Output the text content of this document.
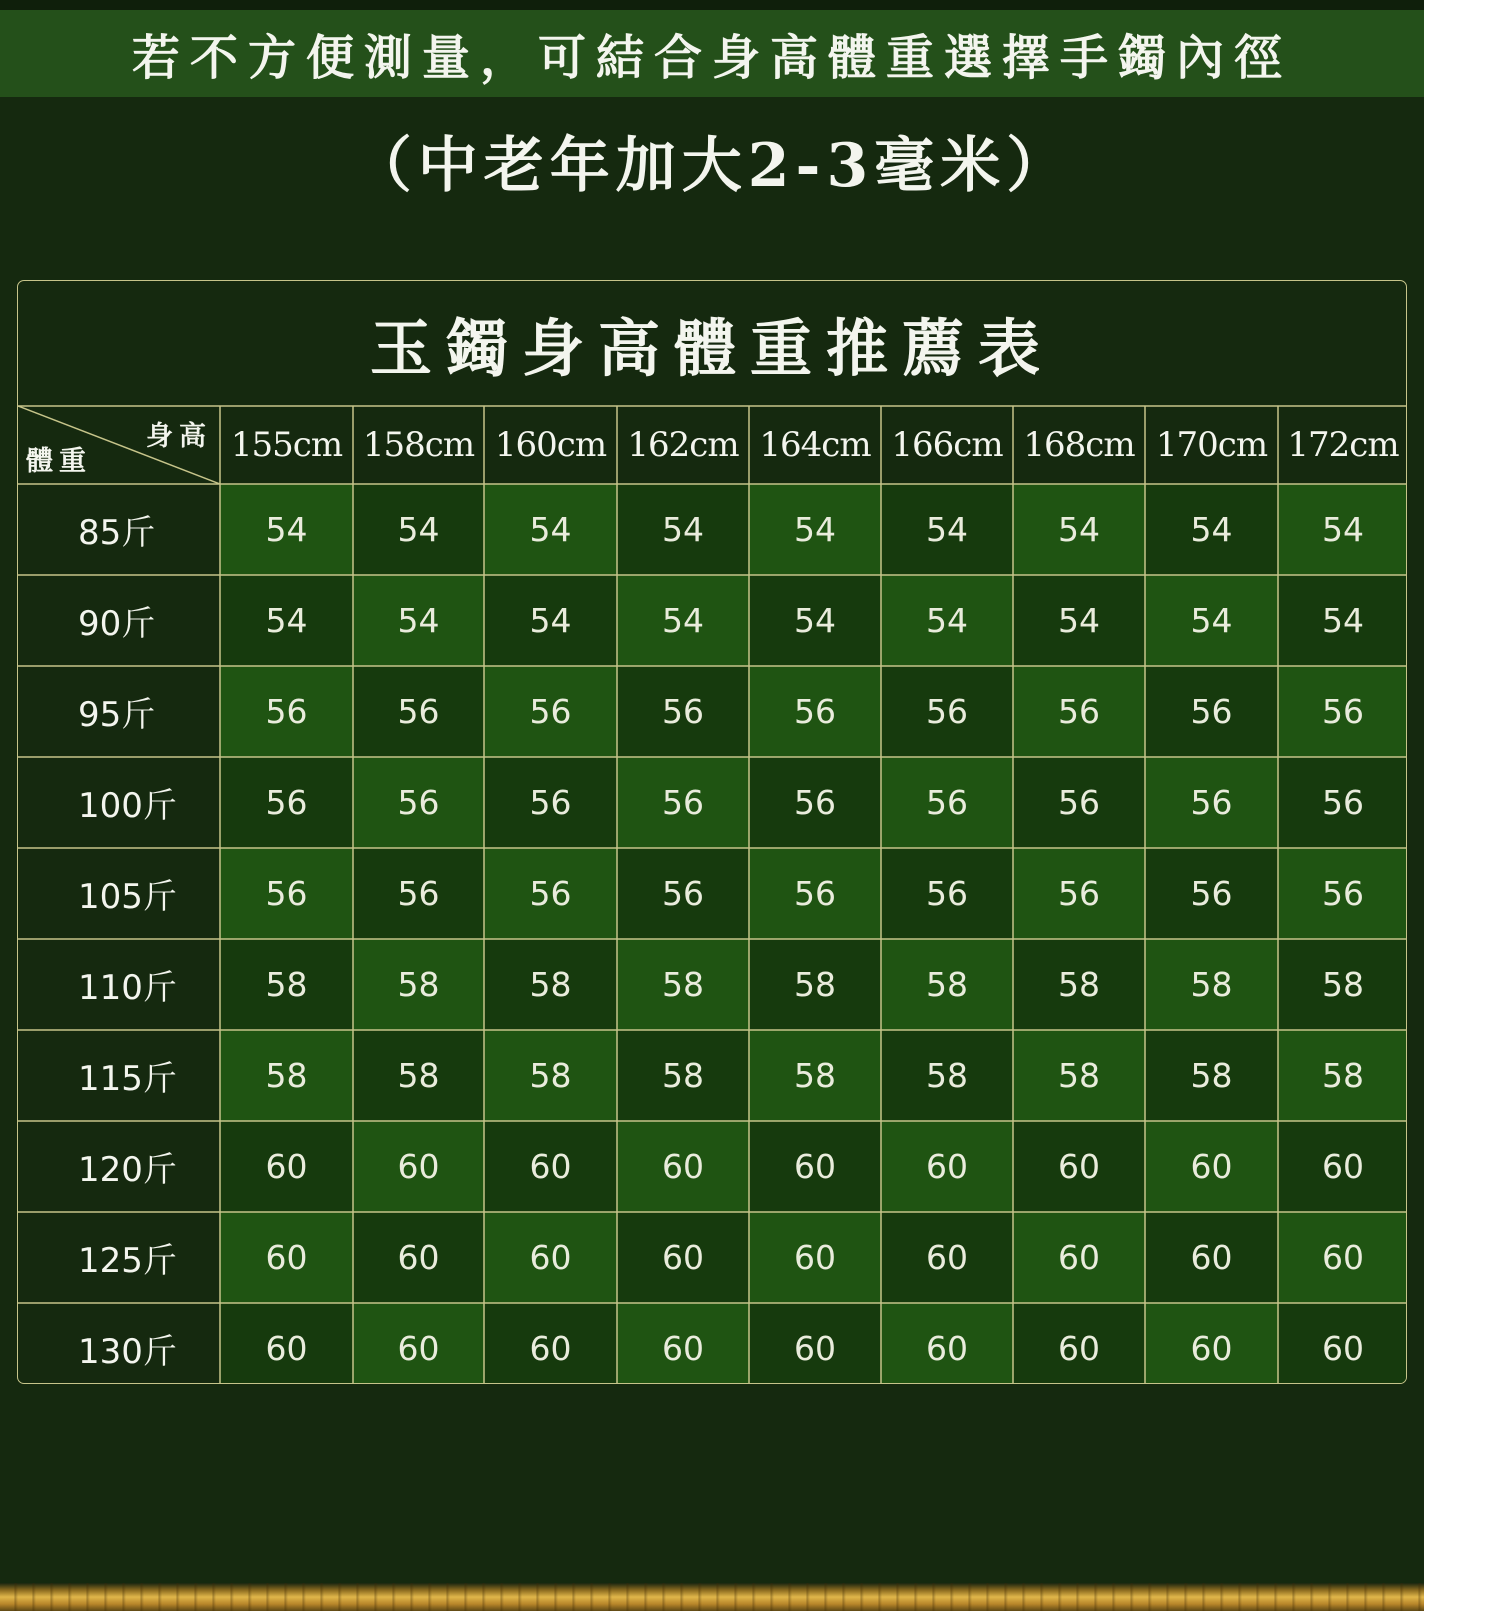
若不方便測量，可結合身高體重選擇手鐲內徑
（中老年加大2-3毫米）
玉鐲身高體重推薦表
身高
體重	155cm 158cm 160cm 162cm 164cm 166cm 168cm 170cm 172cm
85斤	54	54	54	54	54	54	54	54	54
90斤	54	54	54	54	54	54	54	54	54
95斤	56	56	56	56	56	56	56	56	56
100斤	56	56	56	56	56	56	56	56	56
105斤	56	56	56	56	56	56	56	56	56
110斤	58	58	58	58	58	58	58	58	58
115斤	58	58	58	58	58	58	58	58	58
120斤	60	60	60	60	60	60	60	60	60
125斤	60	60	60	60	60	60	60	60	60
130斤	60	60	60	60	60	60	60	60	60
